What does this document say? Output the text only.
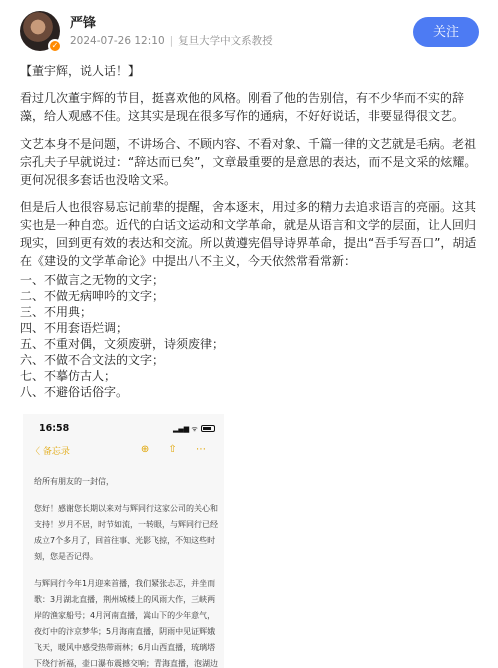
✓
严锋
2024-07-26 12:10 | 复旦大学中文系教授
关注
【董宇辉，说人话！】

看过几次董宇辉的节目，挺喜欢他的风格。刚看了他的告别信，有不少华而不实的辞藻，给人观感不佳。这其实是现在很多写作的通病，不好好说话，非要显得很文艺。

文艺本身不是问题，不讲场合、不顾内容、不看对象、千篇一律的文艺就是毛病。老祖宗孔夫子早就说过：“辞达而已矣”，文章最重要的是意思的表达，而不是文采的炫耀。更何况很多套话也没啥文采。

但是后人也很容易忘记前辈的提醒，舍本逐末，用过多的精力去追求语言的亮丽。这其实也是一种自恋。近代的白话文运动和文学革命，就是从语言和文学的层面，让人回归现实，回到更有效的表达和交流。所以黄遵宪倡导诗界革命，提出“吾手写吾口”，胡适在《建设的文学革命论》中提出八不主义，今天依然常看常新：

一、不做言之无物的文字；
二、不做无病呻吟的文字；
三、不用典；
四、不用套语烂调；
五、不重对偶，文须废骈，诗须废律；
六、不做不合文法的文字；
七、不摹仿古人；
八、不避俗话俗字。
16:58	▂▄▆ ᯤ
〈 备忘录	⊕ ⇧ ⋯

给所有朋友的一封信，

您好！感谢您长期以来对与辉同行这家公司的关心和支持！岁月不居，时节如流，一转眼，与辉同行已经成立7个多月了，回首往事、光影飞掠，不知这些时刻，您是否记得。

与辉同行今年1月迎来首播，我们紧张忐忑，并坐而歌：3月湖北直播，荆州城楼上的风雨大作，三峡两岸的渔家船号；4月河南直播，嵩山下的少年意气，夜灯中的汴京梦华；5月海南直播，阴雨中见证辉娥飞天，暖风中感受热带雨林；6月山西直播，琉璃塔下绕行祈福，壶口瀑布震撼交响；青海直播，泡湖边
